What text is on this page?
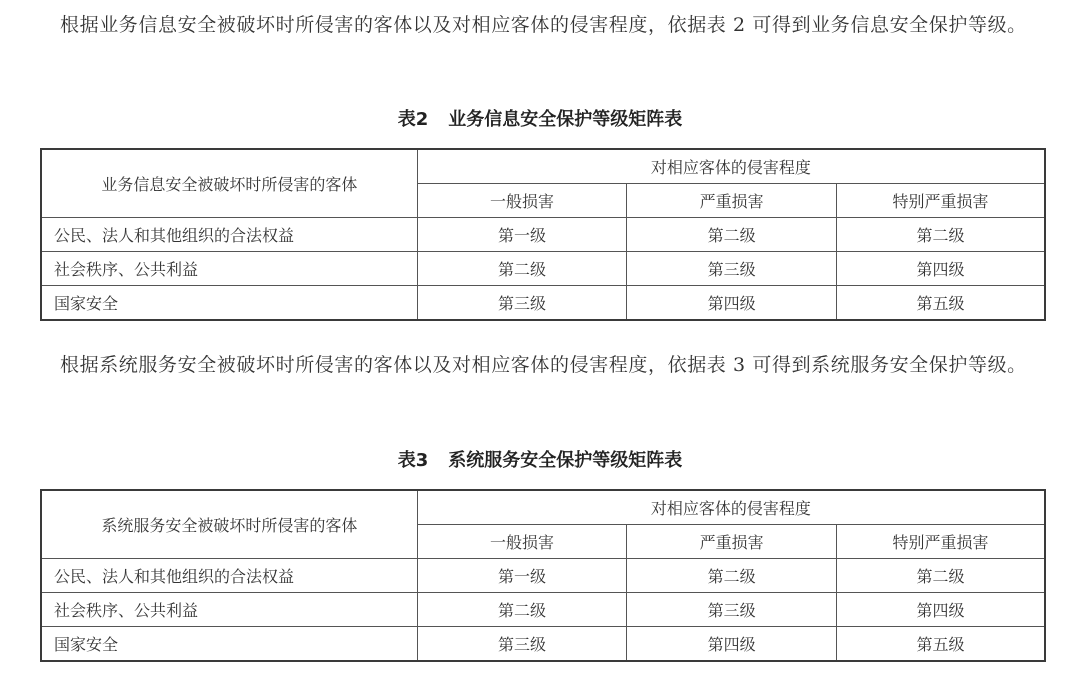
根据业务信息安全被破坏时所侵害的客体以及对相应客体的侵害程度，依据表 2 可得到业务信息安全保护等级。

表2 业务信息安全保护等级矩阵表

业务信息安全被破坏时所侵害的客体	对相应客体的侵害程度		
	一般损害	严重损害	特别严重损害
公民、法人和其他组织的合法权益	第一级	第二级	第二级
社会秩序、公共利益	第二级	第三级	第四级
国家安全	第三级	第四级	第五级

根据系统服务安全被破坏时所侵害的客体以及对相应客体的侵害程度，依据表 3 可得到系统服务安全保护等级。

表3 系统服务安全保护等级矩阵表

系统服务安全被破坏时所侵害的客体	对相应客体的侵害程度		
	一般损害	严重损害	特别严重损害
公民、法人和其他组织的合法权益	第一级	第二级	第二级
社会秩序、公共利益	第二级	第三级	第四级
国家安全	第三级	第四级	第五级
